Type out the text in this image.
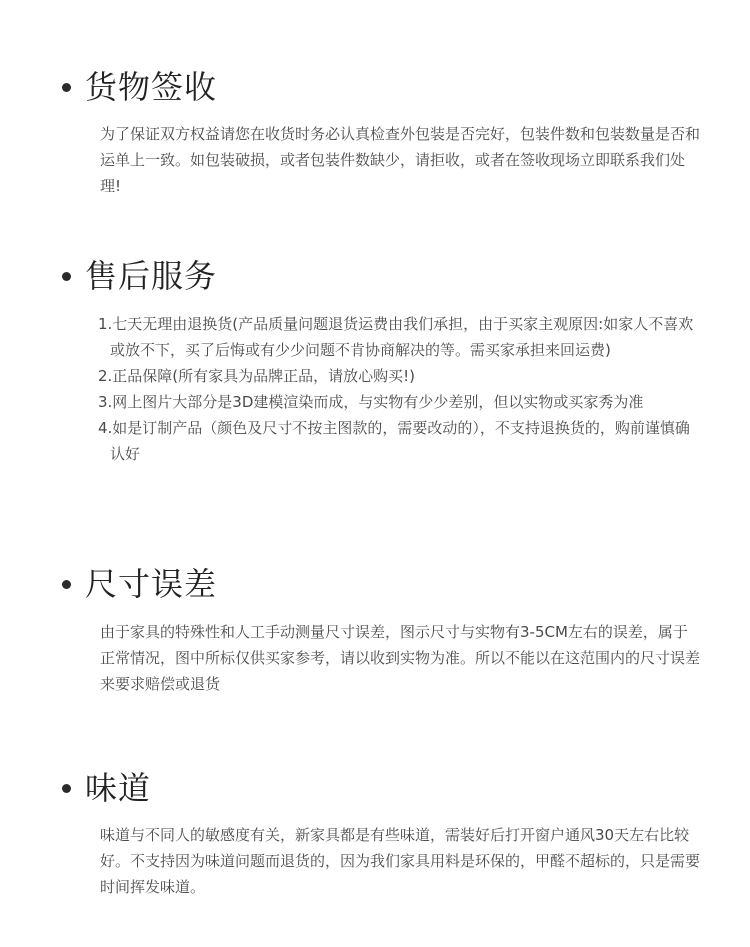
货物签收

为了保证双方权益请您在收货时务必认真检查外包装是否完好，包装件数和包装数量是否和运单上一致。如包装破损，或者包装件数缺少，请拒收，或者在签收现场立即联系我们处理!

售后服务
1.七天无理由退换货(产品质量问题退货运费由我们承担，由于买家主观原因:如家人不喜欢或放不下，买了后悔或有少少问题不肯协商解决的等。需买家承担来回运费)
2.正品保障(所有家具为品牌正品，请放心购买!)
3.网上图片大部分是3D建模渲染而成，与实物有少少差别，但以实物或买家秀为准
4.如是订制产品（颜色及尺寸不按主图款的，需要改动的），不支持退换货的，购前谨慎确认好
尺寸误差

由于家具的特殊性和人工手动测量尺寸误差，图示尺寸与实物有3-5CM左右的误差，属于正常情况，图中所标仅供买家参考，请以收到实物为准。所以不能以在这范围内的尺寸误差来要求赔偿或退货

味道

味道与不同人的敏感度有关，新家具都是有些味道，需装好后打开窗户通风30天左右比较好。不支持因为味道问题而退货的，因为我们家具用料是环保的，甲醛不超标的，只是需要时间挥发味道。
